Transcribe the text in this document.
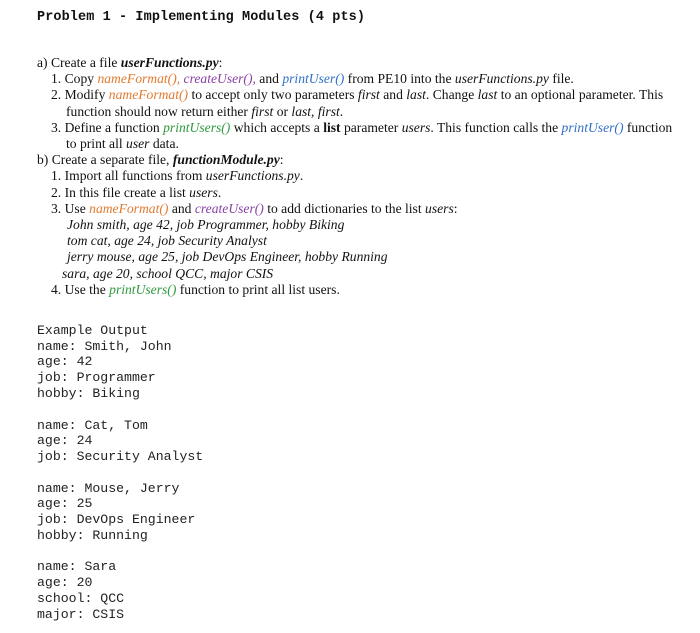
Problem 1 - Implementing Modules (4 pts)
a) Create a file userFunctions.py:
1. Copy nameFormat(), createUser(), and printUser() from PE10 into the userFunctions.py file.
2. Modify nameFormat() to accept only two parameters first and last. Change last to an optional parameter. This
function should now return either first or last, first.
3. Define a function printUsers() which accepts a list parameter users. This function calls the printUser() function
to print all user data.
b) Create a separate file, functionModule.py:
1. Import all functions from userFunctions.py.
2. In this file create a list users.
3. Use nameFormat() and createUser() to add dictionaries to the list users:
John smith, age 42, job Programmer, hobby Biking
tom cat, age 24, job Security Analyst
jerry mouse, age 25, job DevOps Engineer, hobby Running
sara, age 20, school QCC, major CSIS
4. Use the printUsers() function to print all list users.
Example Output
name: Smith, John
age: 42
job: Programmer
hobby: Biking
name: Cat, Tom
age: 24
job: Security Analyst
name: Mouse, Jerry
age: 25
job: DevOps Engineer
hobby: Running
name: Sara
age: 20
school: QCC
major: CSIS
